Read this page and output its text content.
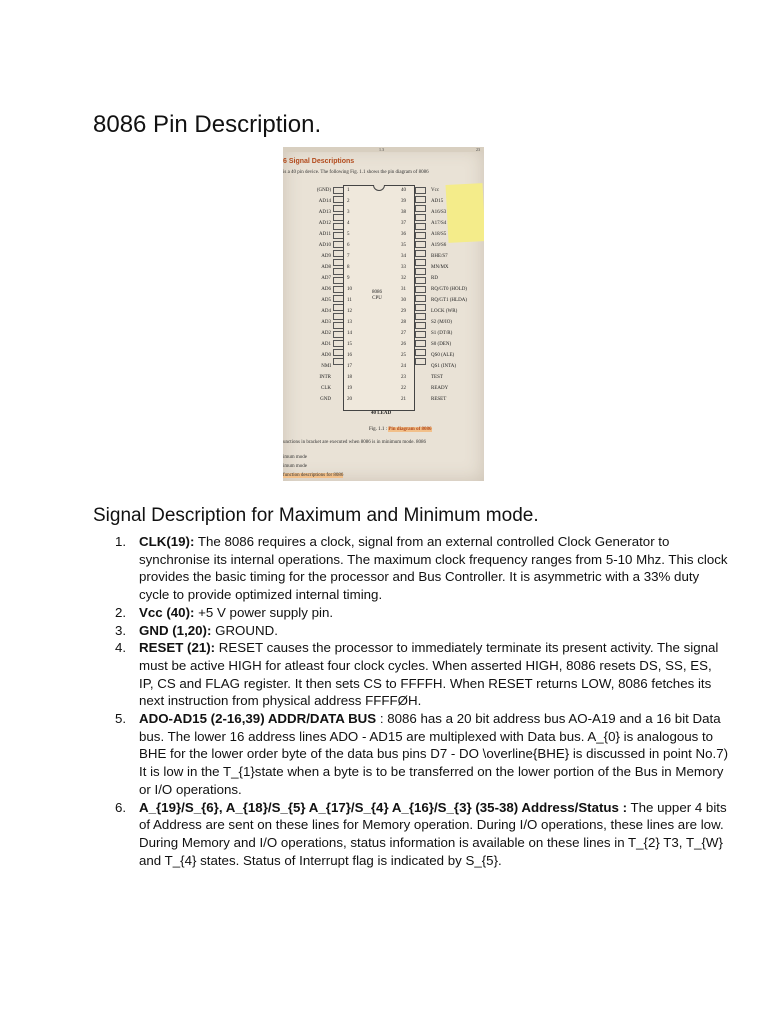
8086 Pin Description.
1.3	23
6 Signal Descriptions
is a 40 pin device. The following Fig. 1.1 shows the pin diagram of 8086
(GND)
AD14
AD13
AD12
AD11
AD10
AD9
AD8
AD7
AD6
AD5
AD4
AD3
AD2
AD1
AD0
NMI
INTR
CLK
GND
8086
CPU
1
2
3
4
5
6
7
8
9
10
11
12
13
14
15
16
17
18
19
20
40
39
38
37
36
35
34
33
32
31
30
29
28
27
26
25
24
23
22
21
Vcc
AD15
A16/S3
A17/S4
A18/S5
A19/S6
BHE/S7
MN/MX
RD
RQ/GT0 (HOLD)
RQ/GT1 (HLDA)
LOCK (WR)
S2 (M/IO)
S1 (DT/R)
S0 (DEN)
QS0 (ALE)
QS1 (INTA)
TEST
READY
RESET
40 LEAD
Fig. 1.1 : Pin diagram of 8086
unctions in bracket are executed when 8086 is in minimum mode. 8086
imum mode
imum mode
function descriptions for 8086
Signal Description for Maximum and Minimum mode.
1. CLK(19): The 8086 requires a clock, signal from an external controlled Clock Generator to synchronise its internal operations. The maximum clock frequency ranges from 5-10 Mhz. This clock provides the basic timing for the processor and Bus Controller. It is asymmetric with a 33% duty cycle to provide optimized internal timing.
2. Vcc (40): +5 V power supply pin.
3. GND (1,20): GROUND.
4. RESET (21): RESET causes the processor to immediately terminate its present activity. The signal must be active HIGH for atleast four clock cycles. When asserted HIGH, 8086 resets DS, SS, ES, IP, CS and FLAG register. It then sets CS to FFFFH. When RESET returns LOW, 8086 fetches its next instruction from physical address FFFFØH.
5. ADO-AD15 (2-16,39) ADDR/DATA BUS : 8086 has a 20 bit address bus AO-A19 and a 16 bit Data bus. The lower 16 address lines ADO - AD15 are multiplexed with Data bus. A_{0} is analogous to BHE for the lower order byte of the data bus pins D7 - DO \overline{BHE} is discussed in point No.7) It is low in the T_{1}state when a byte is to be transferred on the lower portion of the Bus in Memory or I/O operations.
6. A_{19}/S_{6}, A_{18}/S_{5} A_{17}/S_{4} A_{16}/S_{3} (35-38) Address/Status : The upper 4 bits of Address are sent on these lines for Memory operation. During I/O operations, these lines are low. During Memory and I/O operations, status information is available on these lines in T_{2} T3, T_{W} and T_{4} states. Status of Interrupt flag is indicated by S_{5}.
